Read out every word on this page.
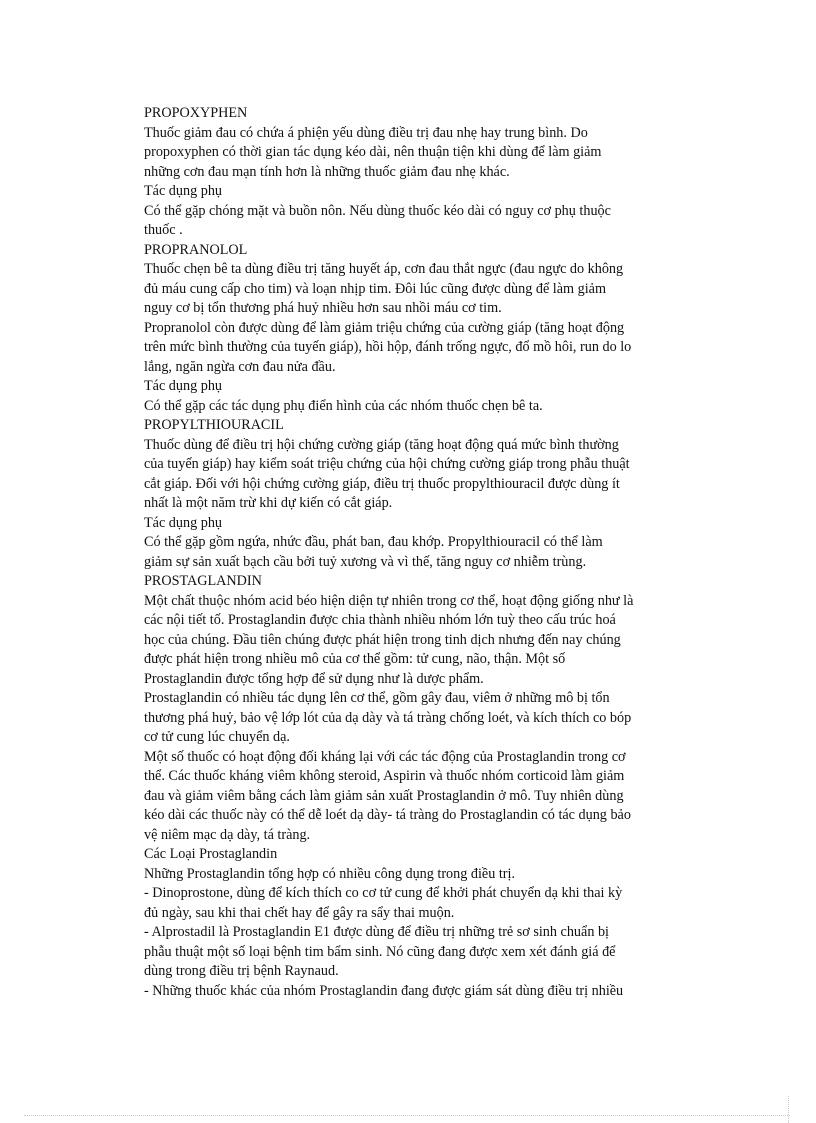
PROPOXYPHEN
Thuốc giảm đau có chứa á phiện yếu dùng điều trị đau nhẹ hay trung bình. Do
propoxyphen có thời gian tác dụng kéo dài, nên thuận tiện khi dùng để làm giảm
những cơn đau mạn tính hơn là những thuốc giảm đau nhẹ khác.
Tác dụng phụ
Có thể gặp chóng mặt và buồn nôn. Nếu dùng thuốc kéo dài có nguy cơ phụ thuộc
thuốc .
PROPRANOLOL
Thuốc chẹn bê ta dùng điều trị tăng huyết áp, cơn đau thắt ngực (đau ngực do không
đủ máu cung cấp cho tim) và loạn nhịp tim. Đôi lúc cũng được dùng để làm giảm
nguy cơ bị tổn thương phá huỷ nhiều hơn sau nhồi máu cơ tim.
Propranolol còn được dùng để làm giảm triệu chứng của cường giáp (tăng hoạt động
trên mức bình thường của tuyến giáp), hồi hộp, đánh trống ngực, đổ mồ hôi, run do lo
lắng, ngăn ngừa cơn đau nửa đầu.
Tác dụng phụ
Có thể gặp các tác dụng phụ điển hình của các nhóm thuốc chẹn bê ta.
PROPYLTHIOURACIL
Thuốc dùng để điều trị hội chứng cường giáp (tăng hoạt động quá mức bình thường
của tuyến giáp) hay kiểm soát triệu chứng của hội chứng cường giáp trong phẫu thuật
cắt giáp. Đối với hội chứng cường giáp, điều trị thuốc propylthiouracil được dùng ít
nhất là một năm trừ khi dự kiến có cắt giáp.
Tác dụng phụ
Có thể gặp gồm ngứa, nhức đầu, phát ban, đau khớp. Propylthiouracil có thể làm
giảm sự sản xuất bạch cầu bởi tuỷ xương và vì thế, tăng nguy cơ nhiễm trùng.
PROSTAGLANDIN
Một chất thuộc nhóm acid béo hiện diện tự nhiên trong cơ thể, hoạt động giống như là
các nội tiết tố. Prostaglandin được chia thành nhiều nhóm lớn tuỳ theo cấu trúc hoá
học của chúng. Đầu tiên chúng được phát hiện trong tinh dịch nhưng đến nay chúng
được phát hiện trong nhiều mô của cơ thể gồm: tử cung, não, thận. Một số
Prostaglandin được tổng hợp để sử dụng như là dược phẩm.
Prostaglandin có nhiều tác dụng lên cơ thể, gồm gây đau, viêm ở những mô bị tổn
thương phá huỷ, bảo vệ lớp lót của dạ dày và tá tràng chống loét, và kích thích co bóp
cơ tử cung lúc chuyển dạ.
Một số thuốc có hoạt động đối kháng lại với các tác động của Prostaglandin trong cơ
thể. Các thuốc kháng viêm không steroid, Aspirin và thuốc nhóm corticoid làm giảm
đau và giảm viêm bằng cách làm giảm sản xuất Prostaglandin ở mô. Tuy nhiên dùng
kéo dài các thuốc này có thể dễ loét dạ dày- tá tràng do Prostaglandin có tác dụng bảo
vệ niêm mạc dạ dày, tá tràng.
Các Loại Prostaglandin
Những Prostaglandin tổng hợp có nhiều công dụng trong điều trị.
- Dinoprostone, dùng để kích thích co cơ tử cung để khởi phát chuyển dạ khi thai kỳ
đủ ngày, sau khi thai chết hay để gây ra sẩy thai muộn.
- Alprostadil là Prostaglandin E1 được dùng để điều trị những trẻ sơ sinh chuẩn bị
phẫu thuật một số loại bệnh tim bẩm sinh. Nó cũng đang được xem xét đánh giá để
dùng trong điều trị bệnh Raynaud.
- Những thuốc khác của nhóm Prostaglandin đang được giám sát dùng điều trị nhiều
